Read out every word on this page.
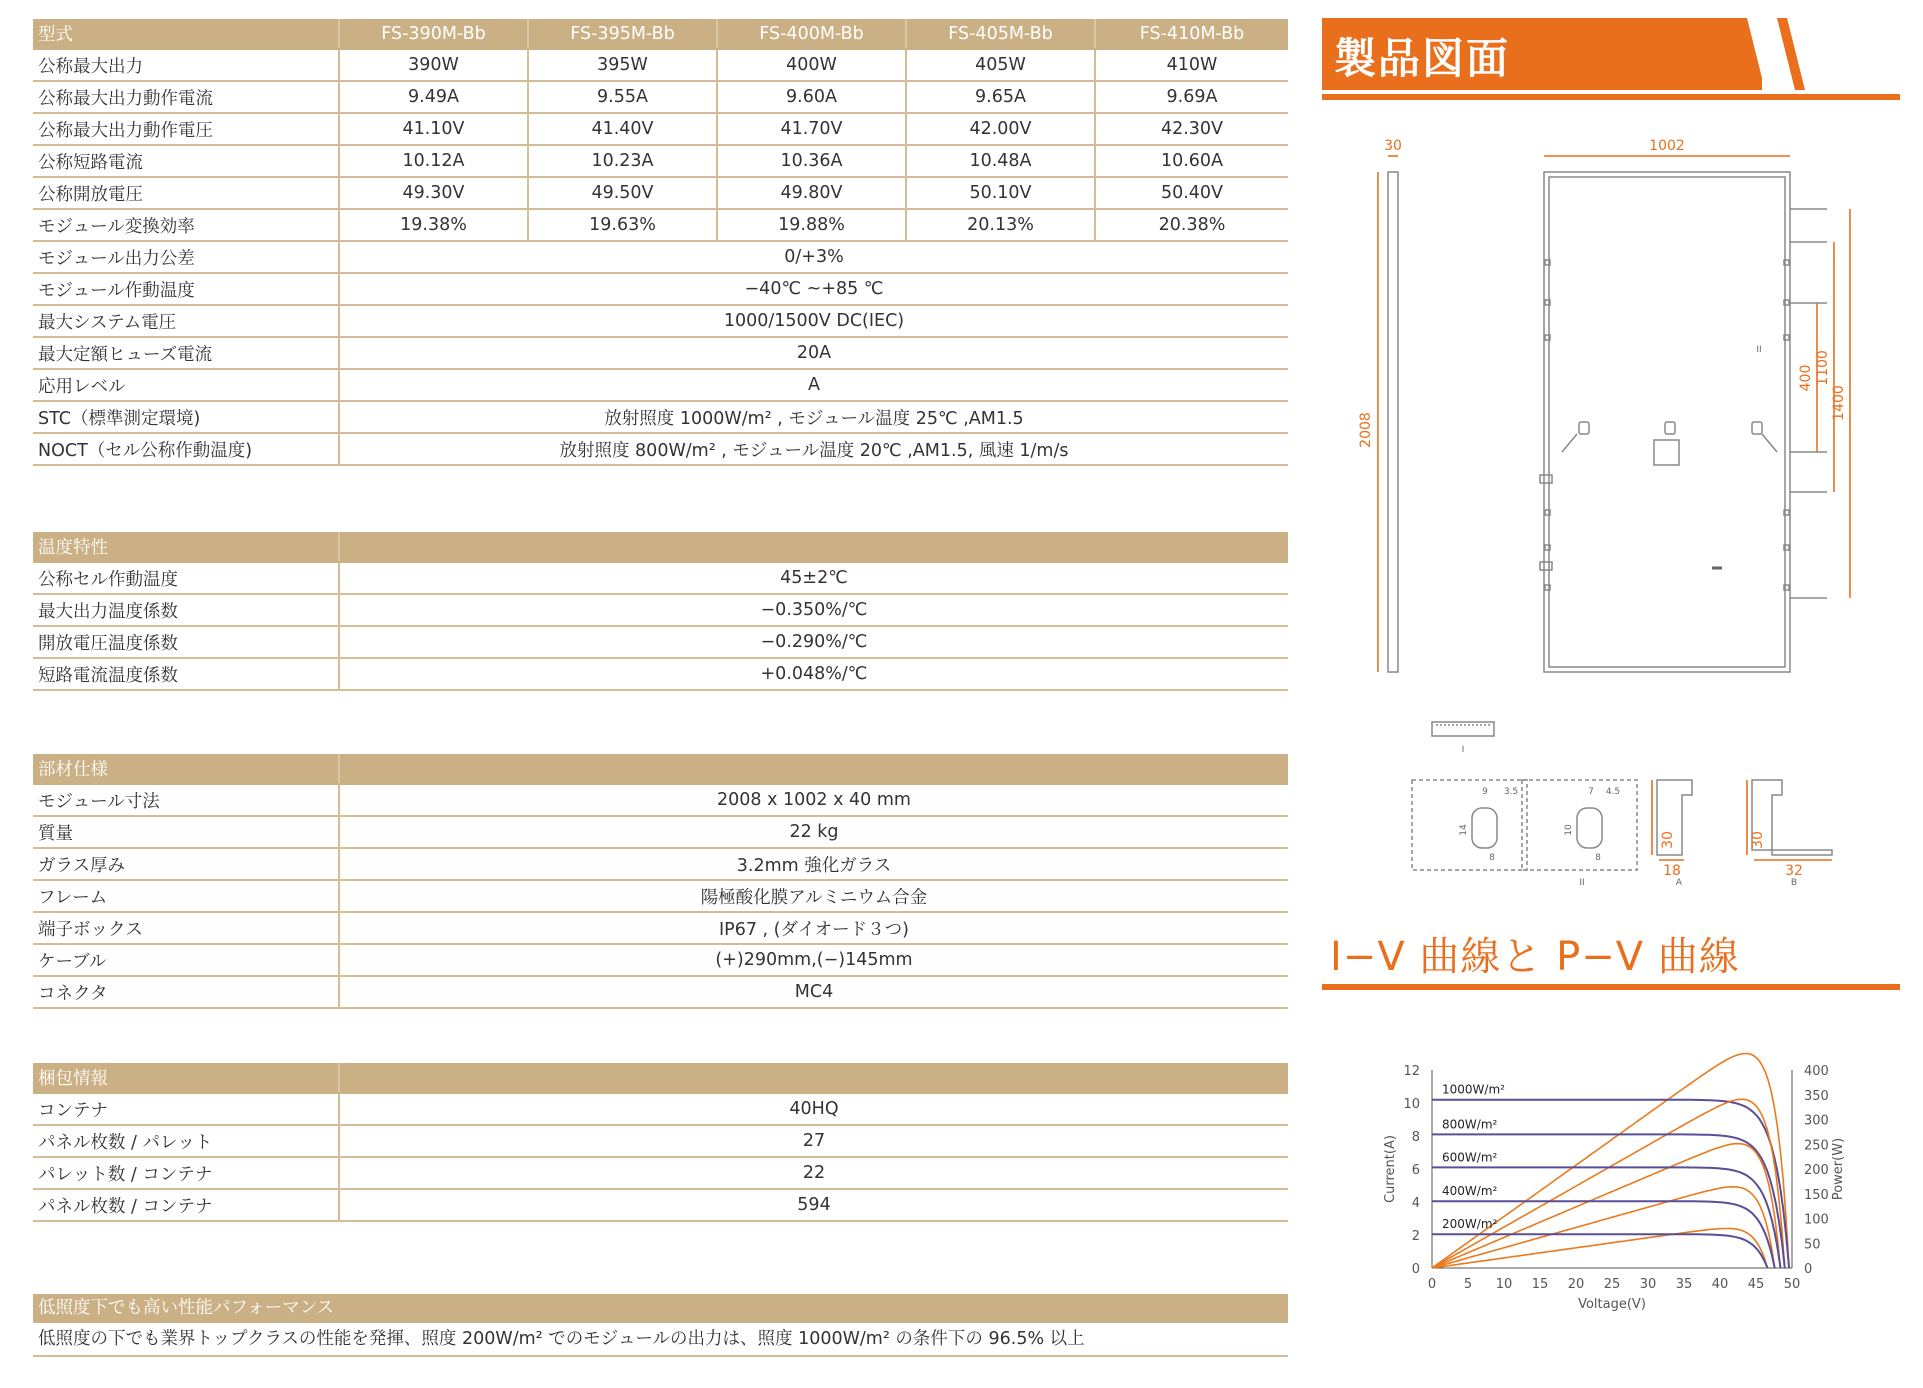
型式	FS-390M-Bb	FS-395M-Bb	FS-400M-Bb	FS-405M-Bb	FS-410M-Bb
公称最大出力	390W	395W	400W	405W	410W
公称最大出力動作電流	9.49A	9.55A	9.60A	9.65A	9.69A
公称最大出力動作電圧	41.10V	41.40V	41.70V	42.00V	42.30V
公称短路電流	10.12A	10.23A	10.36A	10.48A	10.60A
公称開放電圧	49.30V	49.50V	49.80V	50.10V	50.40V
モジュール変換効率	19.38%	19.63%	19.88%	20.13%	20.38%
モジュール出力公差	0/+3%				
モジュール作動温度	−40℃ ~+85 ℃				
最大システム電圧	1000/1500V DC(IEC)				
最大定額ヒューズ電流	20A				
応用レベル	A				
STC（標準測定環境)	放射照度 1000W/m² , モジュール温度 25℃ ,AM1.5				
NOCT（セル公称作動温度)	放射照度 800W/m² , モジュール温度 20℃ ,AM1.5, 風速 1/m/s				
温度特性	
公称セル作動温度	45±2℃
最大出力温度係数	−0.350%/℃
開放電圧温度係数	−0.290%/℃
短路電流温度係数	+0.048%/℃
部材仕様	
モジュール寸法	2008 x 1002 x 40 mm
質量	22 kg
ガラス厚み	3.2mm 強化ガラス
フレーム	陽極酸化膜アルミニウム合金
端子ボックス	IP67 , (ダイオード３つ)
ケーブル	(+)290mm,(−)145mm
コネクタ	MC4
梱包情報	
コンテナ	40HQ
パネル枚数 / パレット	27
パレット数 / コンテナ	22
パネル枚数 / コンテナ	594
低照度下でも高い性能パフォーマンス
低照度の下でも業界トップクラスの性能を発揮、照度 200W/m² でのモジュールの出力は、照度 1000W/m² の条件下の 96.5% 以上
製品図面
30	1002
2008
400 1100
1400
30
18
30
32
I
II	A	B
II
9 3.5
14
8
7 4.5
10
8
I−V 曲線と P−V 曲線
0 5 10 15 20 25 30 35 40 45 50
0
2
4
6
8
10
12
0
50
100
150
200
250
300
350
400
Voltage(V)
Current(A)	Power(W)
1000W/m²
800W/m²
600W/m²
400W/m²
200W/m²
